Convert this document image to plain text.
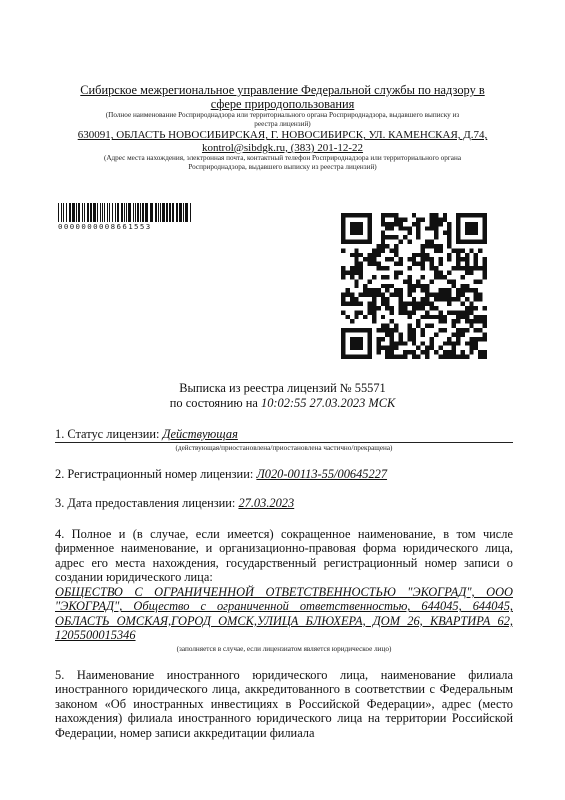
Сибирское межрегиональное управление Федеральной службы по надзору в
сфере природопользования
(Полное наименование Росприроднадзора или территориального органа Росприроднадзора, выдавшего выписку из реестра лицензий)
630091, ОБЛАСТЬ НОВОСИБИРСКАЯ, Г. НОВОСИБИРСК, УЛ. КАМЕНСКАЯ, Д.74,
kontrol@sibdgk.ru, (383) 201-12-22
(Адрес места нахождения, электронная почта, контактный телефон Росприроднадзора или территориального органа Росприроднадзора, выдавшего выписку из реестра лицензий)
0000000008661553
Выписка из реестра лицензий № 55571
по состоянию на 10:02:55 27.03.2023 МСК
1. Статус лицензии: Действующая
(действующая/приостановлена/приостановлена частично/прекращена)
2. Регистрационный номер лицензии: Л020-00113-55/00645227
3. Дата предоставления лицензии: 27.03.2023
4. Полное и (в случае, если имеется) сокращенное наименование, в том числе фирменное наименование, и организационно-правовая форма юридического лица, адрес его места нахождения, государственный регистрационный номер записи о создании юридического лица:
ОБЩЕСТВО С ОГРАНИЧЕННОЙ ОТВЕТСТВЕННОСТЬЮ "ЭКОГРАД", ООО "ЭКОГРАД", Общество с ограниченной ответственностью, 644045, 644045, ОБЛАСТЬ ОМСКАЯ,ГОРОД ОМСК,УЛИЦА БЛЮХЕРА, ДОМ 26, КВАРТИРА 62, 1205500015346
(заполняется в случае, если лицензиатом является юридическое лицо)
5. Наименование иностранного юридического лица, наименование филиала иностранного юридического лица, аккредитованного в соответствии с Федеральным законом «Об иностранных инвестициях в Российской Федерации», адрес (место нахождения) филиала иностранного юридического лица на территории Российской Федерации, номер записи аккредитации филиала
